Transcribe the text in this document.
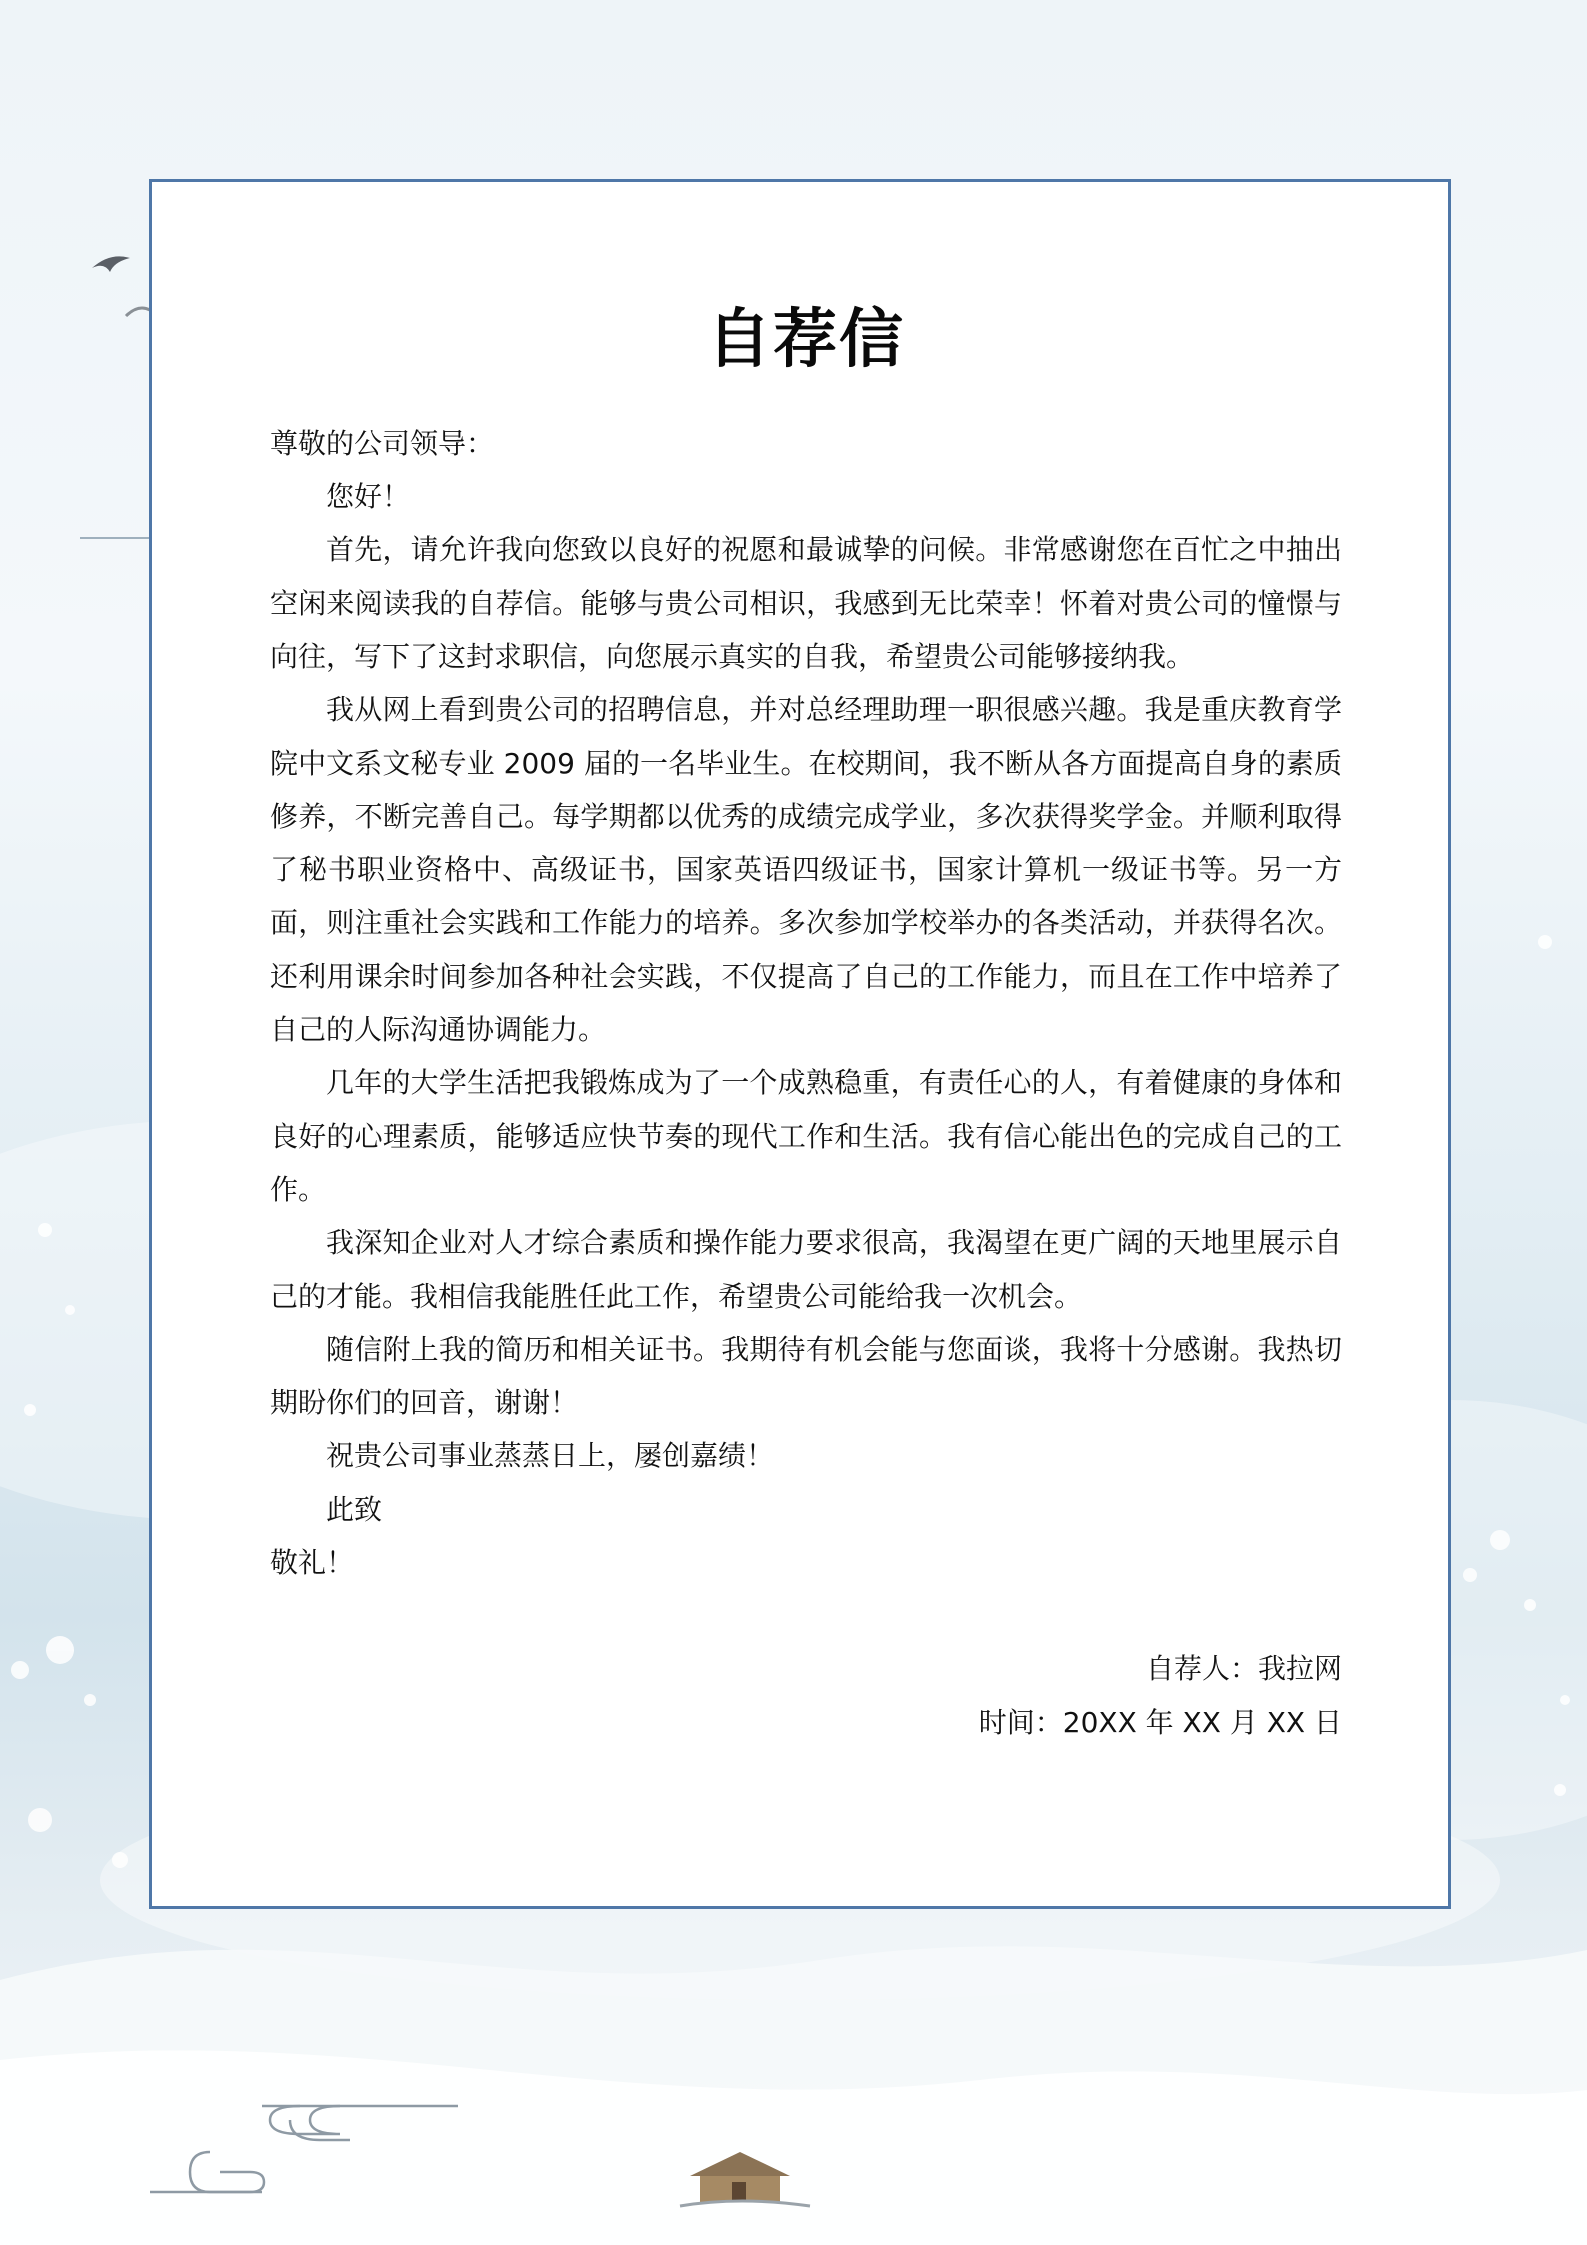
自荐信

尊敬的公司领导：

您好！

首先，请允许我向您致以良好的祝愿和最诚挚的问候。非常感谢您在百忙之中抽出空闲来阅读我的自荐信。能够与贵公司相识，我感到无比荣幸！怀着对贵公司的憧憬与向往，写下了这封求职信，向您展示真实的自我，希望贵公司能够接纳我。

我从网上看到贵公司的招聘信息，并对总经理助理一职很感兴趣。我是重庆教育学院中文系文秘专业 2009 届的一名毕业生。在校期间，我不断从各方面提高自身的素质修养，不断完善自己。每学期都以优秀的成绩完成学业，多次获得奖学金。并顺利取得了秘书职业资格中、高级证书，国家英语四级证书，国家计算机一级证书等。另一方面，则注重社会实践和工作能力的培养。多次参加学校举办的各类活动，并获得名次。还利用课余时间参加各种社会实践，不仅提高了自己的工作能力，而且在工作中培养了自己的人际沟通协调能力。

几年的大学生活把我锻炼成为了一个成熟稳重，有责任心的人，有着健康的身体和良好的心理素质，能够适应快节奏的现代工作和生活。我有信心能出色的完成自己的工作。

我深知企业对人才综合素质和操作能力要求很高，我渴望在更广阔的天地里展示自己的才能。我相信我能胜任此工作，希望贵公司能给我一次机会。

随信附上我的简历和相关证书。我期待有机会能与您面谈，我将十分感谢。我热切期盼你们的回音，谢谢！

祝贵公司事业蒸蒸日上，屡创嘉绩！

此致

敬礼！

自荐人：我拉网

时间：20XX 年 XX 月 XX 日
